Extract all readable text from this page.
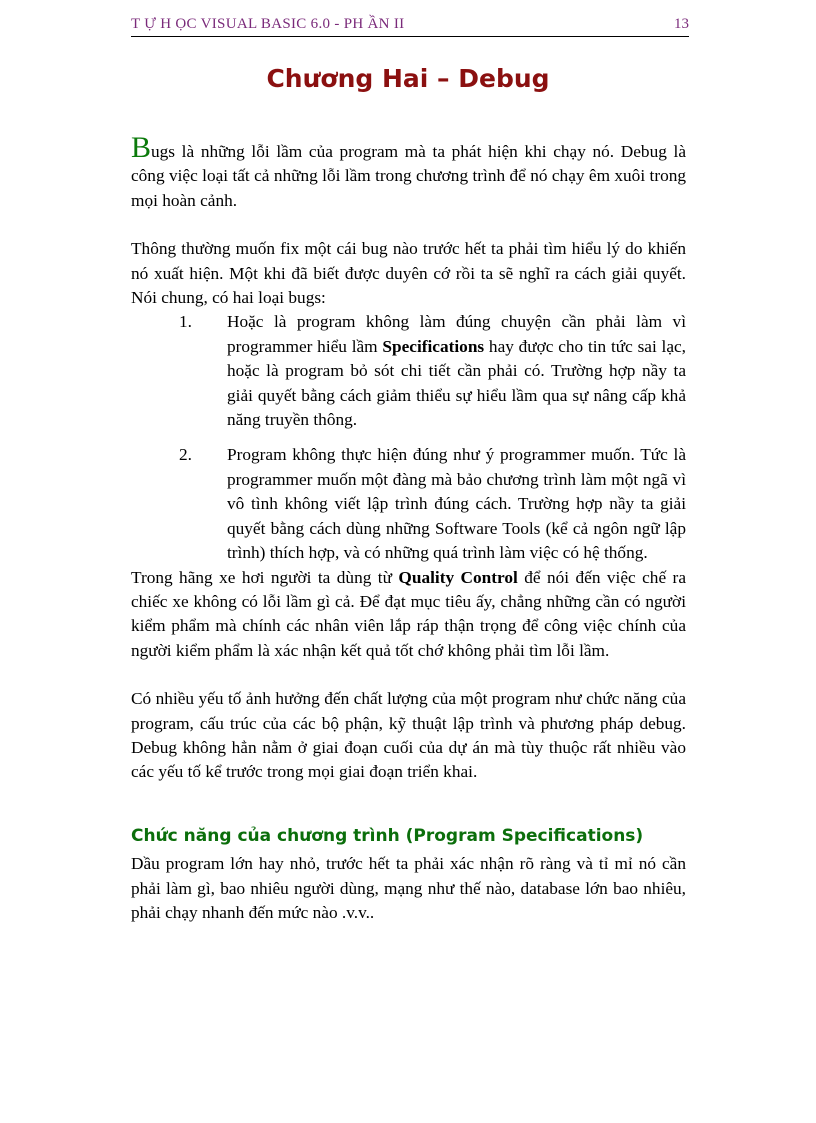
T Ự H ỌC VISUAL BASIC 6.0 - PH ẦN II	13
Chương Hai – Debug

Bugs là những lỗi lầm của program mà ta phát hiện khi chạy nó. Debug là công việc loại tất cả những lỗi lầm trong chương trình để nó chạy êm xuôi trong mọi hoàn cảnh.

Thông thường muốn fix một cái bug nào trước hết ta phải tìm hiểu lý do khiến nó xuất hiện. Một khi đã biết được duyên cớ rồi ta sẽ nghĩ ra cách giải quyết. Nói chung, có hai loại bugs:

1. Hoặc là program không làm đúng chuyện cần phải làm vì programmer hiểu lầm Specifications hay được cho tin tức sai lạc, hoặc là program bỏ sót chi tiết cần phải có. Trường hợp nầy ta giải quyết bằng cách giảm thiểu sự hiểu lầm qua sự nâng cấp khả năng truyền thông.
2. Program không thực hiện đúng như ý programmer muốn. Tức là programmer muốn một đàng mà bảo chương trình làm một ngã vì vô tình không viết lập trình đúng cách. Trường hợp nầy ta giải quyết bằng cách dùng những Software Tools (kể cả ngôn ngữ lập trình) thích hợp, và có những quá trình làm việc có hệ thống.

Trong hãng xe hơi người ta dùng từ Quality Control để nói đến việc chế ra chiếc xe không có lỗi lầm gì cả. Để đạt mục tiêu ấy, chẳng những cần có người kiểm phẩm mà chính các nhân viên lắp ráp thận trọng để công việc chính của người kiểm phẩm là xác nhận kết quả tốt chớ không phải tìm lỗi lầm.

Có nhiều yếu tố ảnh hưởng đến chất lượng của một program như chức năng của program, cấu trúc của các bộ phận, kỹ thuật lập trình và phương pháp debug. Debug không hẳn nằm ở giai đoạn cuối của dự án mà tùy thuộc rất nhiều vào các yếu tố kể trước trong mọi giai đoạn triển khai.

Chức năng của chương trình (Program Specifications)

Dầu program lớn hay nhỏ, trước hết ta phải xác nhận rõ ràng và tỉ mỉ nó cần phải làm gì, bao nhiêu người dùng, mạng như thế nào, database lớn bao nhiêu, phải chạy nhanh đến mức nào .v.v..
